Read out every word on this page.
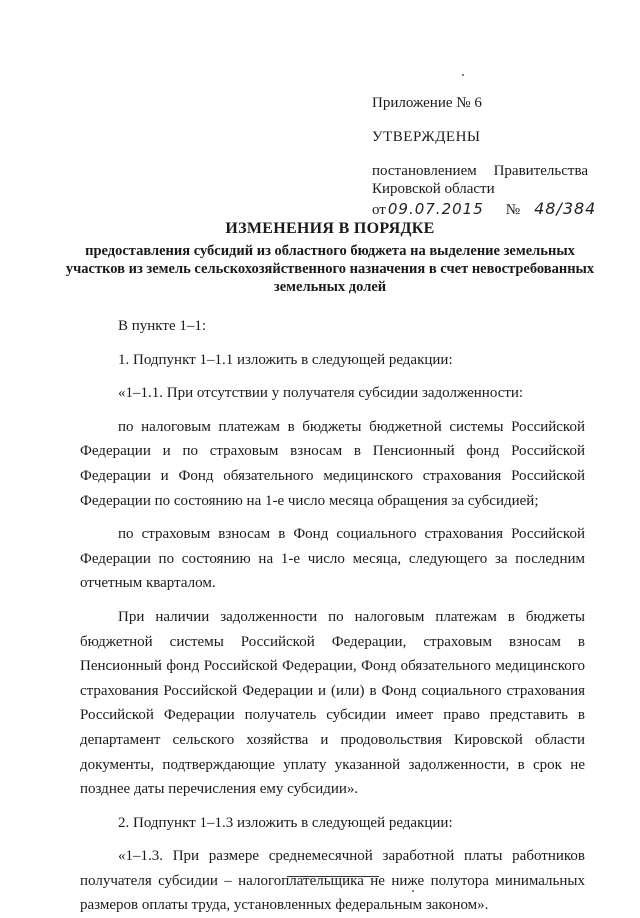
Приложение № 6

УТВЕРЖДЕНЫ

постановлением Правительства

Кировской области

от 09.07.2015 № 48/384

ИЗМЕНЕНИЯ В ПОРЯДКЕ

предоставления субсидий из областного бюджета на выделение земельных участков из земель сельскохозяйственного назначения в счет невостребованных земельных долей

В пункте 1–1:

1. Подпункт 1–1.1 изложить в следующей редакции:

«1–1.1. При отсутствии у получателя субсидии задолженности:

по налоговым платежам в бюджеты бюджетной системы Российской Федерации и по страховым взносам в Пенсионный фонд Российской Федерации и Фонд обязательного медицинского страхования Российской Федерации по состоянию на 1-е число месяца обращения за субсидией;

по страховым взносам в Фонд социального страхования Российской Федерации по состоянию на 1-е число месяца, следующего за последним отчетным кварталом.

При наличии задолженности по налоговым платежам в бюджеты бюджетной системы Российской Федерации, страховым взносам в Пенсионный фонд Российской Федерации, Фонд обязательного медицинского страхования Российской Федерации и (или) в Фонд социального страхования Российской Федерации получатель субсидии имеет право представить в департамент сельского хозяйства и продовольствия Кировской области документы, подтверждающие уплату указанной задолженности, в срок не позднее даты перечисления ему субсидии».

2. Подпункт 1–1.3 изложить в следующей редакции:

«1–1.3. При размере среднемесячной заработной платы работников получателя субсидии – налогоплательщика не ниже полутора минимальных размеров оплаты труда, установленных федеральным законом».
